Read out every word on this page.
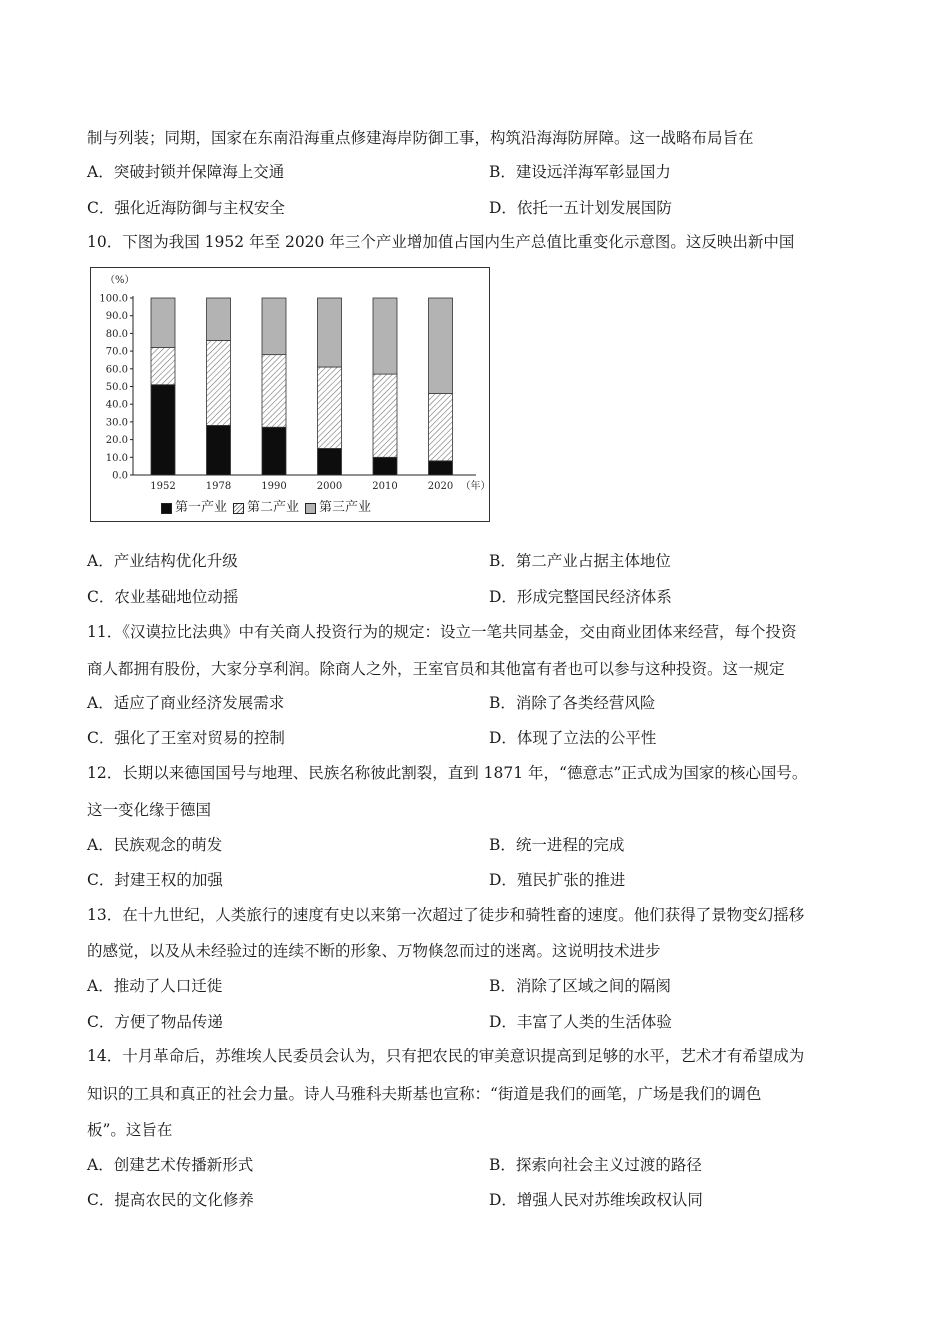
制与列装；同期，国家在东南沿海重点修建海岸防御工事，构筑沿海海防屏障。这一战略布局旨在
A．突破封锁并保障海上交通	B．建设远洋海军彰显国力
C．强化近海防御与主权安全	D．依托一五计划发展国防
10．下图为我国 1952 年至 2020 年三个产业增加值占国内生产总值比重变化示意图。这反映出新中国
（%）
0.0
10.0
20.0
30.0
40.0
50.0
60.0
70.0
80.0
90.0
100.0
1952	1978	1990	2000	2010	2020 （年）
第一产业 第二产业 第三产业
A．产业结构优化升级	B．第二产业占据主体地位
C．农业基础地位动摇	D．形成完整国民经济体系
11．《汉谟拉比法典》中有关商人投资行为的规定：设立一笔共同基金，交由商业团体来经营，每个投资
商人都拥有股份，大家分享利润。除商人之外，王室官员和其他富有者也可以参与这种投资。这一规定
A．适应了商业经济发展需求	B．消除了各类经营风险
C．强化了王室对贸易的控制	D．体现了立法的公平性
12．长期以来德国国号与地理、民族名称彼此割裂，直到 1871 年，“德意志”正式成为国家的核心国号。
这一变化缘于德国
A．民族观念的萌发	B．统一进程的完成
C．封建王权的加强	D．殖民扩张的推进
13．在十九世纪，人类旅行的速度有史以来第一次超过了徒步和骑牲畜的速度。他们获得了景物变幻摇移
的感觉，以及从未经验过的连续不断的形象、万物倏忽而过的迷离。这说明技术进步
A．推动了人口迁徙	B．消除了区域之间的隔阂
C．方便了物品传递	D．丰富了人类的生活体验
14．十月革命后，苏维埃人民委员会认为，只有把农民的审美意识提高到足够的水平，艺术才有希望成为
知识的工具和真正的社会力量。诗人马雅科夫斯基也宣称：“街道是我们的画笔，广场是我们的调色
板”。这旨在
A．创建艺术传播新形式	B．探索向社会主义过渡的路径
C．提高农民的文化修养	D．增强人民对苏维埃政权认同
